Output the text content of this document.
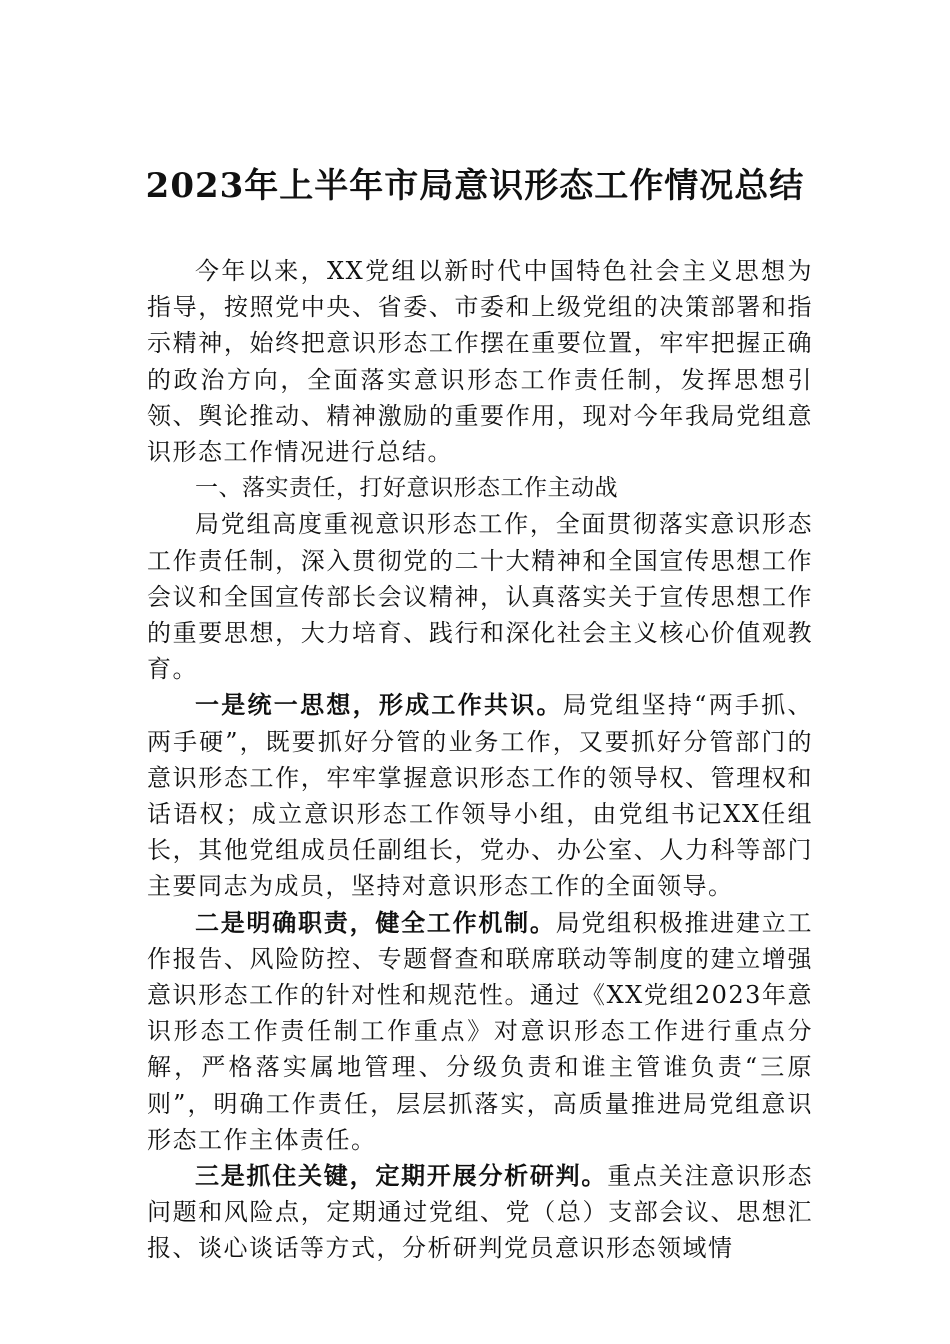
2023年上半年市局意识形态工作情况总结

今年以来，XX党组以新时代中国特色社会主义思想为指导，按照党中央、省委、市委和上级党组的决策部署和指示精神，始终把意识形态工作摆在重要位置，牢牢把握正确的政治方向，全面落实意识形态工作责任制，发挥思想引领、舆论推动、精神激励的重要作用，现对今年我局党组意识形态工作情况进行总结。

一、落实责任，打好意识形态工作主动战

局党组高度重视意识形态工作，全面贯彻落实意识形态工作责任制，深入贯彻党的二十大精神和全国宣传思想工作会议和全国宣传部长会议精神，认真落实关于宣传思想工作的重要思想，大力培育、践行和深化社会主义核心价值观教育。

一是统一思想，形成工作共识。局党组坚持“两手抓、两手硬”，既要抓好分管的业务工作，又要抓好分管部门的意识形态工作，牢牢掌握意识形态工作的领导权、管理权和话语权；成立意识形态工作领导小组，由党组书记XX任组长，其他党组成员任副组长，党办、办公室、人力科等部门主要同志为成员，坚持对意识形态工作的全面领导。

二是明确职责，健全工作机制。局党组积极推进建立工作报告、风险防控、专题督查和联席联动等制度的建立增强意识形态工作的针对性和规范性。通过《XX党组2023年意识形态工作责任制工作重点》对意识形态工作进行重点分解，严格落实属地管理、分级负责和谁主管谁负责“三原则”，明确工作责任，层层抓落实，高质量推进局党组意识形态工作主体责任。

三是抓住关键，定期开展分析研判。重点关注意识形态问题和风险点，定期通过党组、党（总）支部会议、思想汇报、谈心谈话等方式，分析研判党员意识形态领域情
